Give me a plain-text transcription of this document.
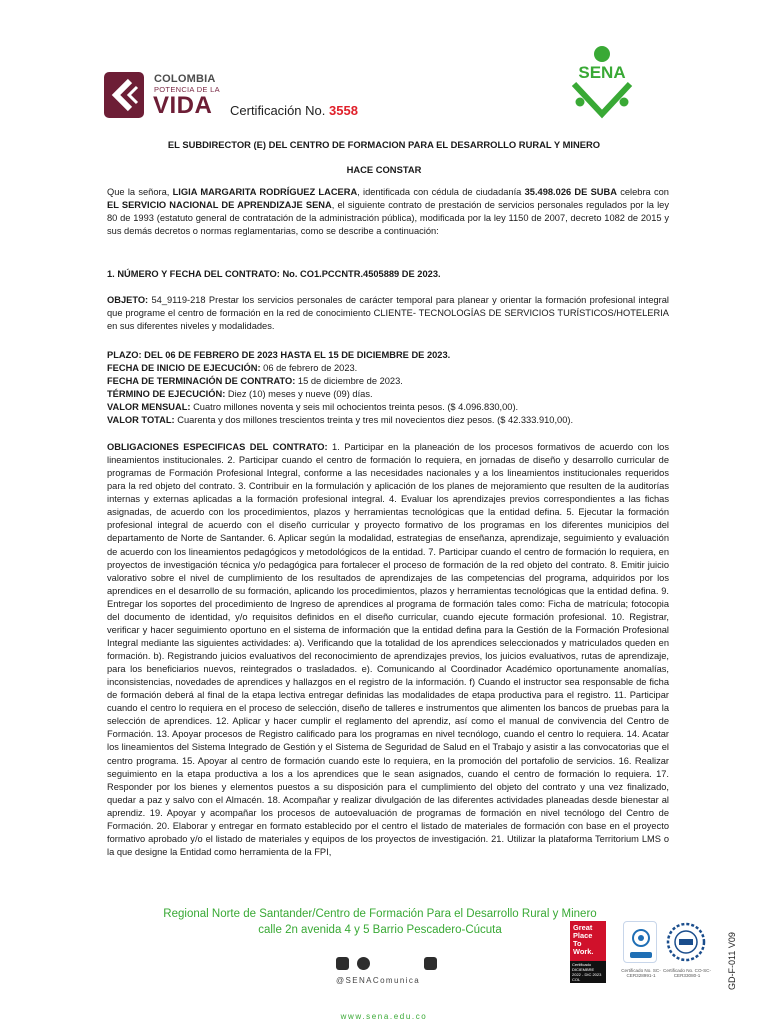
COLOMBIA
POTENCIA DE LA
VIDA Certificación No. 3558
SENA
EL SUBDIRECTOR (E) DEL CENTRO DE FORMACION PARA EL DESARROLLO RURAL Y MINERO
HACE CONSTAR
Que la señora, LIGIA MARGARITA RODRÍGUEZ LACERA, identificada con cédula de ciudadanía 35.498.026 DE SUBA celebra con EL SERVICIO NACIONAL DE APRENDIZAJE SENA, el siguiente contrato de prestación de servicios personales regulados por la ley 80 de 1993 (estatuto general de contratación de la administración pública), modificada por la ley 1150 de 2007, decreto 1082 de 2015 y sus demás decretos o normas reglamentarias, como se describe a continuación:
1. NÚMERO Y FECHA DEL CONTRATO: No. CO1.PCCNTR.4505889 DE 2023.
OBJETO: 54_9119-218 Prestar los servicios personales de carácter temporal para planear y orientar la formación profesional integral que programe el centro de formación en la red de conocimiento CLIENTE- TECNOLOGÍAS DE SERVICIOS TURÍSTICOS/HOTELERIA en sus diferentes niveles y modalidades.
PLAZO: DEL 06 DE FEBRERO DE 2023 HASTA EL 15 DE DICIEMBRE DE 2023.
FECHA DE INICIO DE EJECUCIÓN: 06 de febrero de 2023.
FECHA DE TERMINACIÓN DE CONTRATO: 15 de diciembre de 2023.
TÉRMINO DE EJECUCIÓN: Diez (10) meses y nueve (09) días.
VALOR MENSUAL: Cuatro millones noventa y seis mil ochocientos treinta pesos. ($ 4.096.830,00).
VALOR TOTAL: Cuarenta y dos millones trescientos treinta y tres mil novecientos diez pesos. ($ 42.333.910,00).
OBLIGACIONES ESPECIFICAS DEL CONTRATO: 1. Participar en la planeación de los procesos formativos de acuerdo con los lineamientos institucionales. 2. Participar cuando el centro de formación lo requiera, en jornadas de diseño y desarrollo curricular de programas de Formación Profesional Integral, conforme a las necesidades nacionales y a los lineamientos institucionales requeridos para la red objeto del contrato. 3. Contribuir en la formulación y aplicación de los planes de mejoramiento que resulten de la auditorías internas y externas aplicadas a la formación profesional integral. 4. Evaluar los aprendizajes previos correspondientes a las fichas asignadas, de acuerdo con los procedimientos, plazos y herramientas tecnológicas que la entidad defina. 5. Ejecutar la formación profesional integral de acuerdo con el diseño curricular y proyecto formativo de los programas en los diferentes municipios del departamento de Norte de Santander. 6. Aplicar según la modalidad, estrategias de enseñanza, aprendizaje, seguimiento y evaluación de acuerdo con los lineamientos pedagógicos y metodológicos de la entidad. 7. Participar cuando el centro de formación lo requiera, en proyectos de investigación técnica y/o pedagógica para fortalecer el proceso de formación de la red objeto del contrato. 8. Emitir juicio valorativo sobre el nivel de cumplimiento de los resultados de aprendizajes de las competencias del programa, adquiridos por los aprendices en el desarrollo de su formación, aplicando los procedimientos, plazos y herramientas tecnológicas que la entidad defina. 9. Entregar los soportes del procedimiento de Ingreso de aprendices al programa de formación tales como: Ficha de matrícula; fotocopia del documento de identidad, y/o requisitos definidos en el diseño curricular, cuando ejecute formación profesional. 10. Registrar, verificar y hacer seguimiento oportuno en el sistema de información que la entidad defina para la Gestión de la Formación Profesional Integral mediante las siguientes actividades: a). Verificando que la totalidad de los aprendices seleccionados y matriculados queden en formación. b). Registrando juicios evaluativos del reconocimiento de aprendizajes previos, los juicios evaluativos, rutas de aprendizaje, para los beneficiarios nuevos, reintegrados o trasladados. e). Comunicando al Coordinador Académico oportunamente anomalías, inconsistencias, novedades de aprendices y hallazgos en el registro de la información. f) Cuando el instructor sea responsable de ficha de formación deberá al final de la etapa lectiva entregar definidas las modalidades de etapa productiva para el registro. 11. Participar cuando el centro lo requiera en el proceso de selección, diseño de talleres e instrumentos que alimenten los bancos de pruebas para la selección de aprendices. 12. Aplicar y hacer cumplir el reglamento del aprendiz, así como el manual de convivencia del Centro de Formación. 13. Apoyar procesos de Registro calificado para los programas en nivel tecnólogo, cuando el centro lo requiera. 14. Acatar los lineamientos del Sistema Integrado de Gestión y el Sistema de Seguridad de Salud en el Trabajo y asistir a las convocatorias que el centro programa. 15. Apoyar al centro de formación cuando este lo requiera, en la promoción del portafolio de servicios. 16. Realizar seguimiento en la etapa productiva a los a los aprendices que le sean asignados, cuando el centro de formación lo requiera. 17. Responder por los bienes y elementos puestos a su disposición para el cumplimiento del objeto del contrato y una vez finalizado, quedar a paz y salvo con el Almacén. 18. Acompañar y realizar divulgación de las diferentes actividades planeadas desde bienestar al aprendiz. 19. Apoyar y acompañar los procesos de autoevaluación de programas de formación en nivel tecnólogo del Centro de Formación. 20. Elaborar y entregar en formato establecido por el centro el listado de materiales de formación con base en el proyecto formativo aprobado y/o el listado de materiales y equipos de los proyectos de investigación. 21. Utilizar la plataforma Territorium LMS o la que designe la Entidad como herramienta de la FPI,
Regional Norte de Santander/Centro de Formación Para el Desarrollo Rural y Minero
calle 2n avenida 4 y 5 Barrio Pescadero-Cúcuta
@SENAComunica
Great
Place
To
Work.
Certificado DICIEMBRE 2022 - DIC 2023 COL
Certificado No. SC-CER328991-1
Certificado No. CO-SC-CER33080-1	GD-F-011 V09
www.sena.edu.co
